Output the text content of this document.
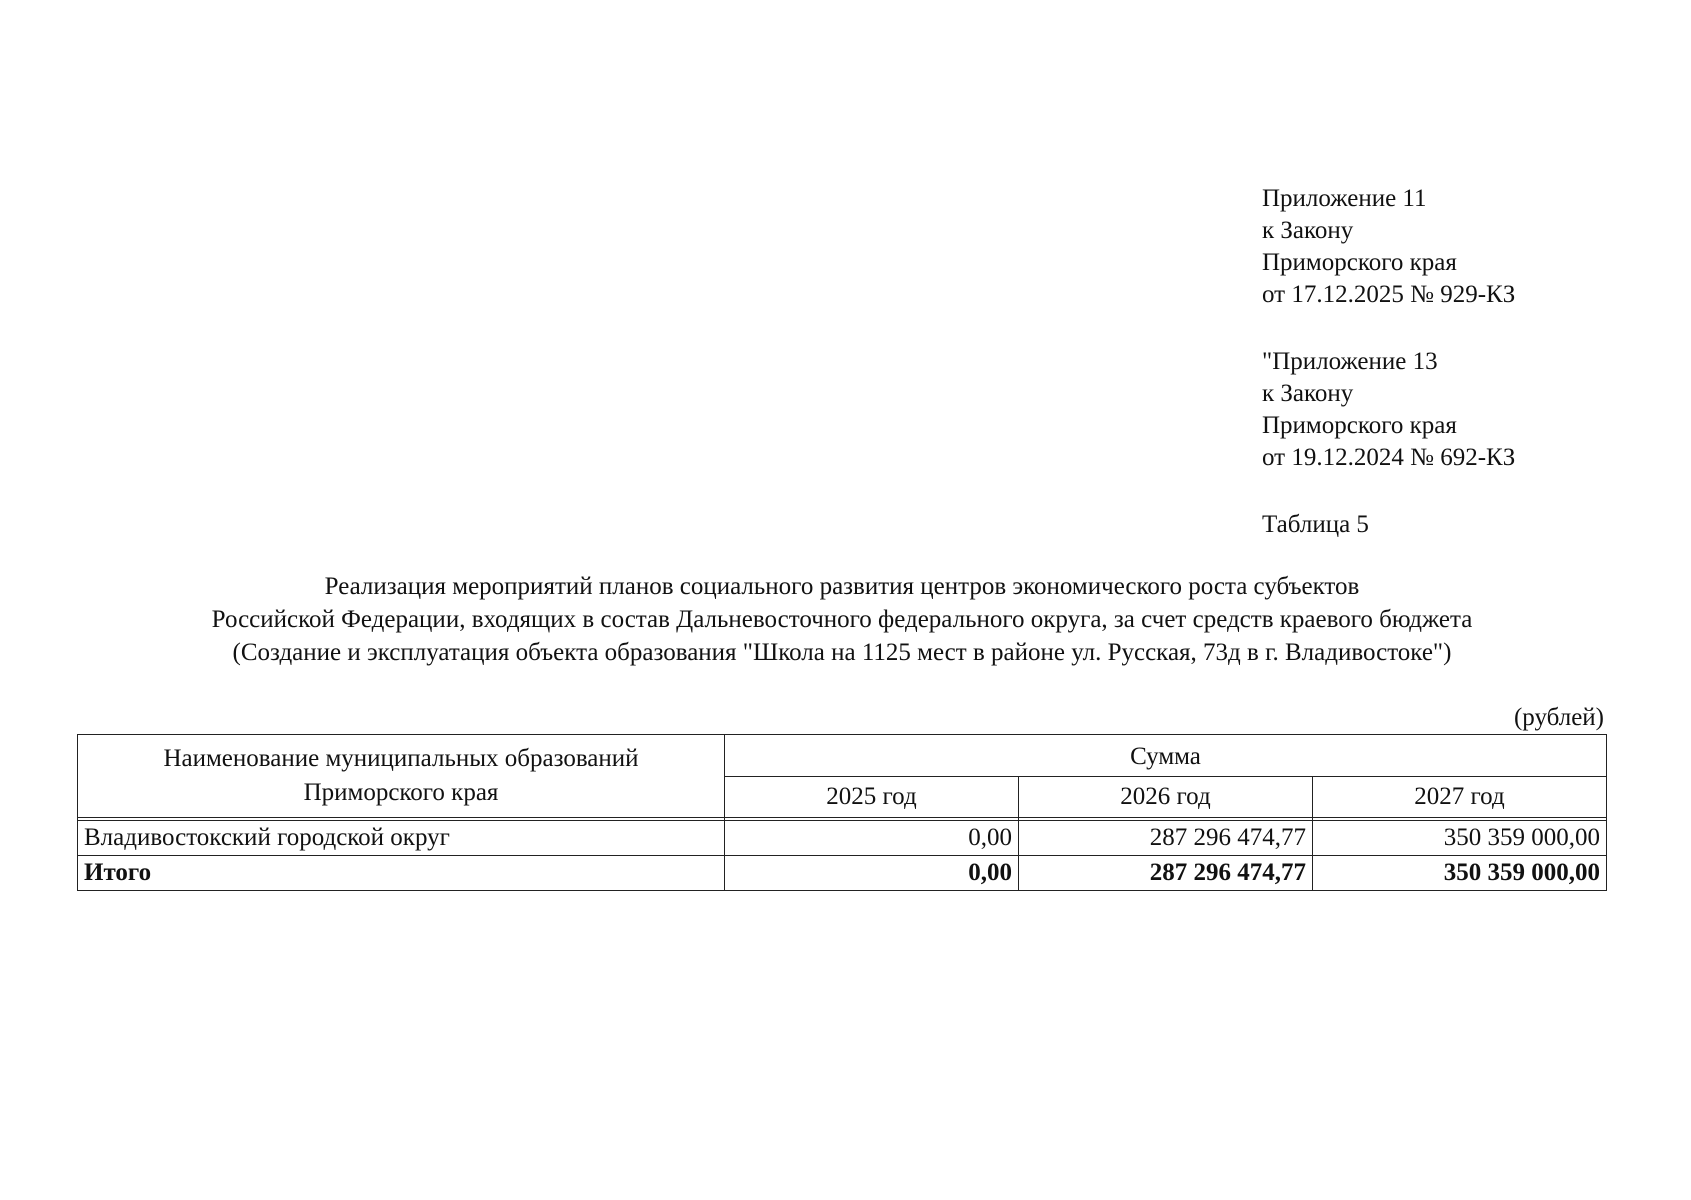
Приложение 11
к Закону
Приморского края
от 17.12.2025 № 929-КЗ
"Приложение 13
к Закону
Приморского края
от 19.12.2024 № 692-КЗ
Таблица 5
Реализация мероприятий планов социального развития центров экономического роста субъектов
Российской Федерации, входящих в состав Дальневосточного федерального округа, за счет средств краевого бюджета
(Создание и эксплуатация объекта образования "Школа на 1125 мест в районе ул. Русская, 73д в г. Владивостоке")
(рублей)
Наименование муниципальных образований
Приморского края	Сумма		
	2025 год	2026 год	2027 год

Владивостокский городской округ	0,00	287 296 474,77	350 359 000,00
Итого	0,00	287 296 474,77	350 359 000,00
